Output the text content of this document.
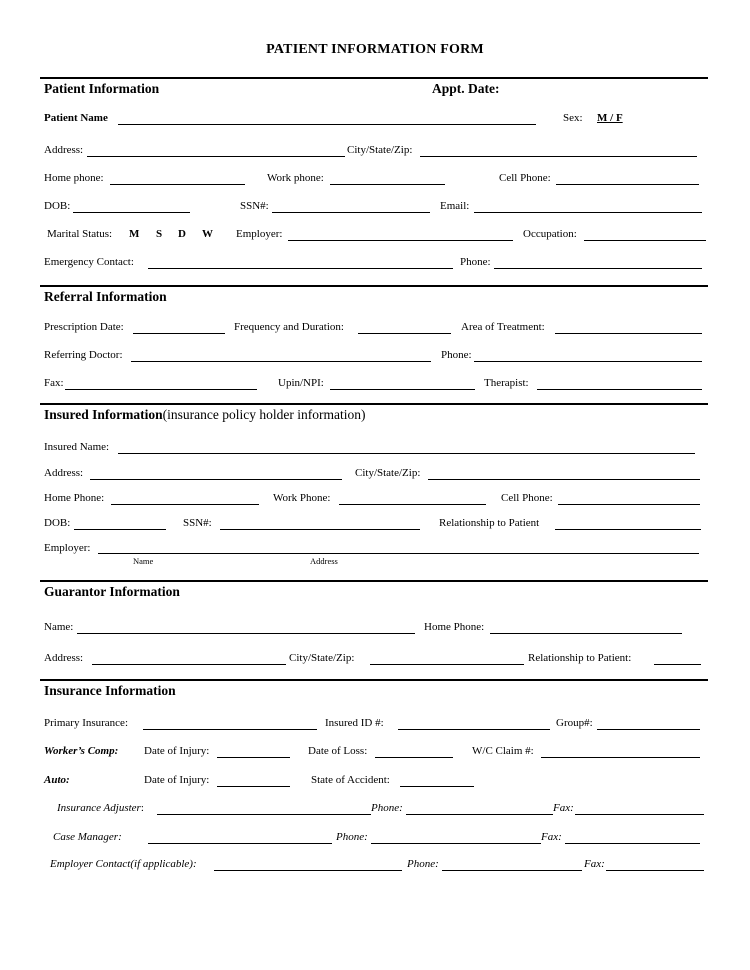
PATIENT INFORMATION FORM
Patient Information	Appt. Date:
Patient Name	Sex: M / F
Address:	City/State/Zip:
Home phone:	Work phone:	Cell Phone:
DOB:	SSN#:	Email:
Marital Status: M S D W Employer:	Occupation:
Emergency Contact:	Phone:
Referral Information
Prescription Date:	Frequency and Duration:	Area of Treatment:
Referring Doctor:	Phone:
Fax:	Upin/NPI:	Therapist:
Insured Information(insurance policy holder information)
Insured Name:
Address:	City/State/Zip:
Home Phone:	Work Phone:	Cell Phone:
DOB:	SSN#:	Relationship to Patient
Employer:
Name	Address
Guarantor Information
Name:	Home Phone:
Address:	City/State/Zip:	Relationship to Patient:
Insurance Information
Primary Insurance:	Insured ID #:	Group#:
Worker’s Comp: Date of Injury:	Date of Loss:	W/C Claim #:
Auto:	Date of Injury:	State of Accident:
Insurance Adjuster:	Phone:	Fax:
Case Manager:	Phone:	Fax:
Employer Contact(if applicable):	Phone:	Fax:
